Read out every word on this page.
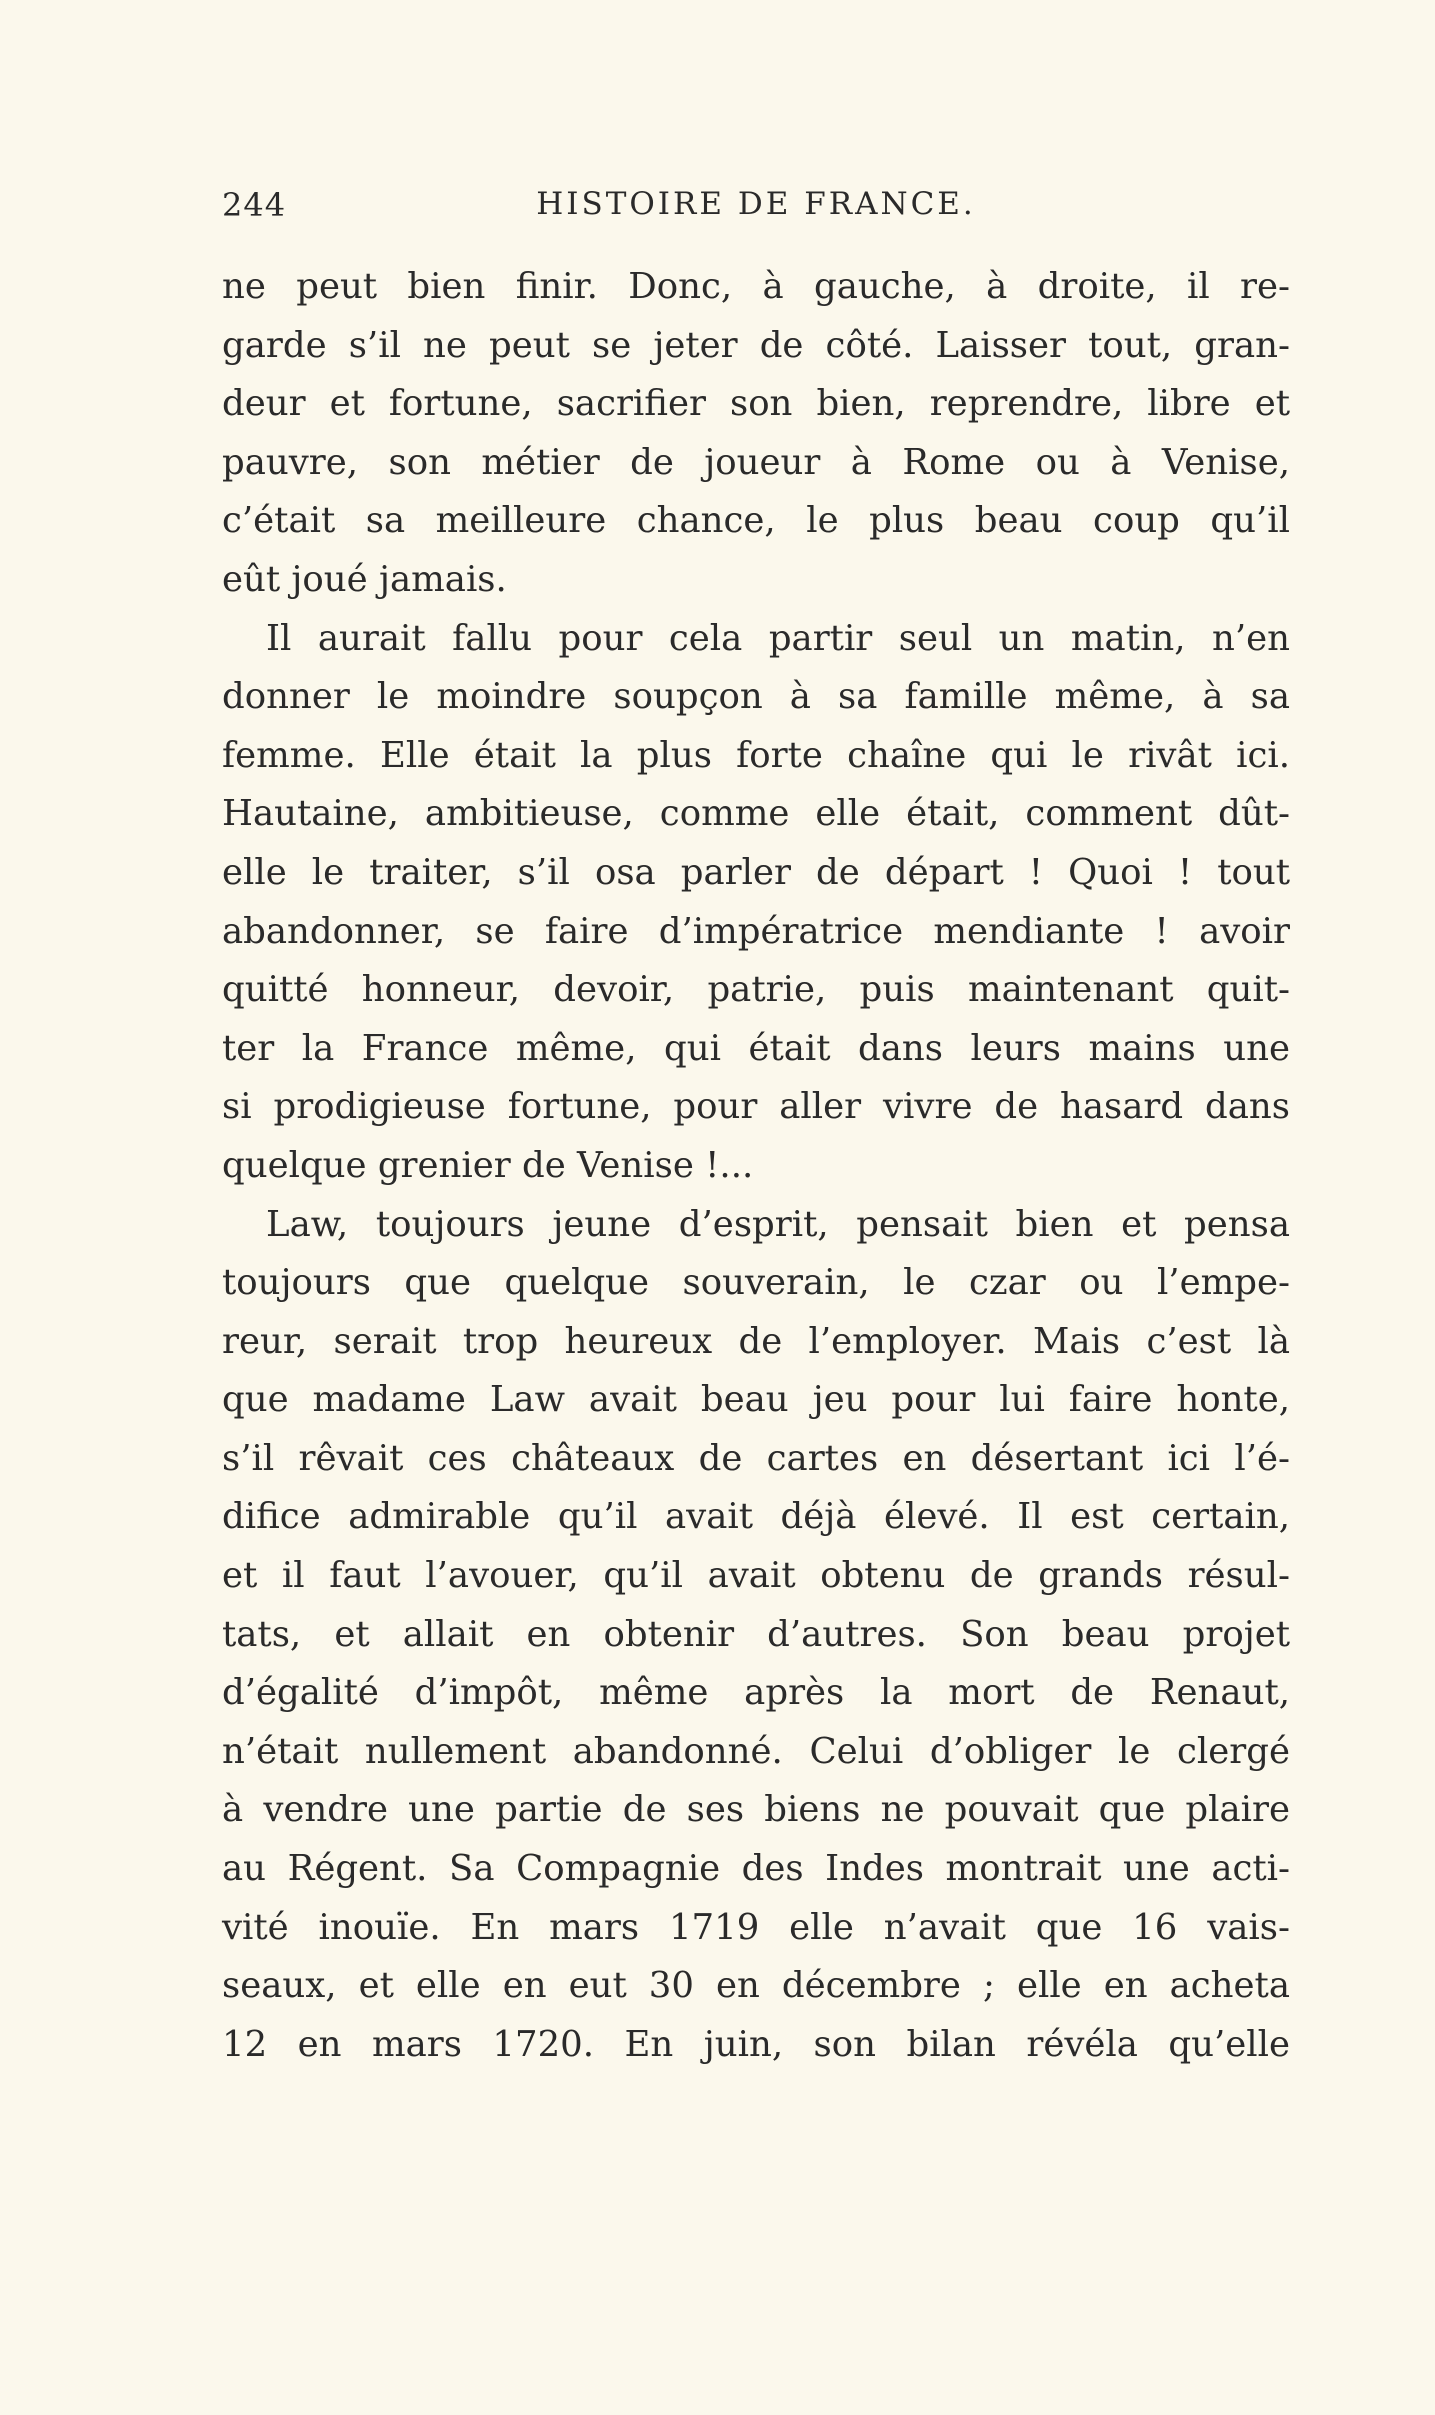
244	HISTOIRE DE FRANCE.
ne peut bien finir. Donc, à gauche, à droite, il re-
garde s’il ne peut se jeter de côté. Laisser tout, gran-
deur et fortune, sacrifier son bien, reprendre, libre et
pauvre, son métier de joueur à Rome ou à Venise,
c’était sa meilleure chance, le plus beau coup qu’il
eût joué jamais.
Il aurait fallu pour cela partir seul un matin, n’en
donner le moindre soupçon à sa famille même, à sa
femme. Elle était la plus forte chaîne qui le rivât ici.
Hautaine, ambitieuse, comme elle était, comment dût-
elle le traiter, s’il osa parler de départ ! Quoi ! tout
abandonner, se faire d’impératrice mendiante ! avoir
quitté honneur, devoir, patrie, puis maintenant quit-
ter la France même, qui était dans leurs mains une
si prodigieuse fortune, pour aller vivre de hasard dans
quelque grenier de Venise !...
Law, toujours jeune d’esprit, pensait bien et pensa
toujours que quelque souverain, le czar ou l’empe-
reur, serait trop heureux de l’employer. Mais c’est là
que madame Law avait beau jeu pour lui faire honte,
s’il rêvait ces châteaux de cartes en désertant ici l’é-
difice admirable qu’il avait déjà élevé. Il est certain,
et il faut l’avouer, qu’il avait obtenu de grands résul-
tats, et allait en obtenir d’autres. Son beau projet
d’égalité d’impôt, même après la mort de Renaut,
n’était nullement abandonné. Celui d’obliger le clergé
à vendre une partie de ses biens ne pouvait que plaire
au Régent. Sa Compagnie des Indes montrait une acti-
vité inouïe. En mars 1719 elle n’avait que 16 vais-
seaux, et elle en eut 30 en décembre ; elle en acheta
12 en mars 1720. En juin, son bilan révéla qu’elle
